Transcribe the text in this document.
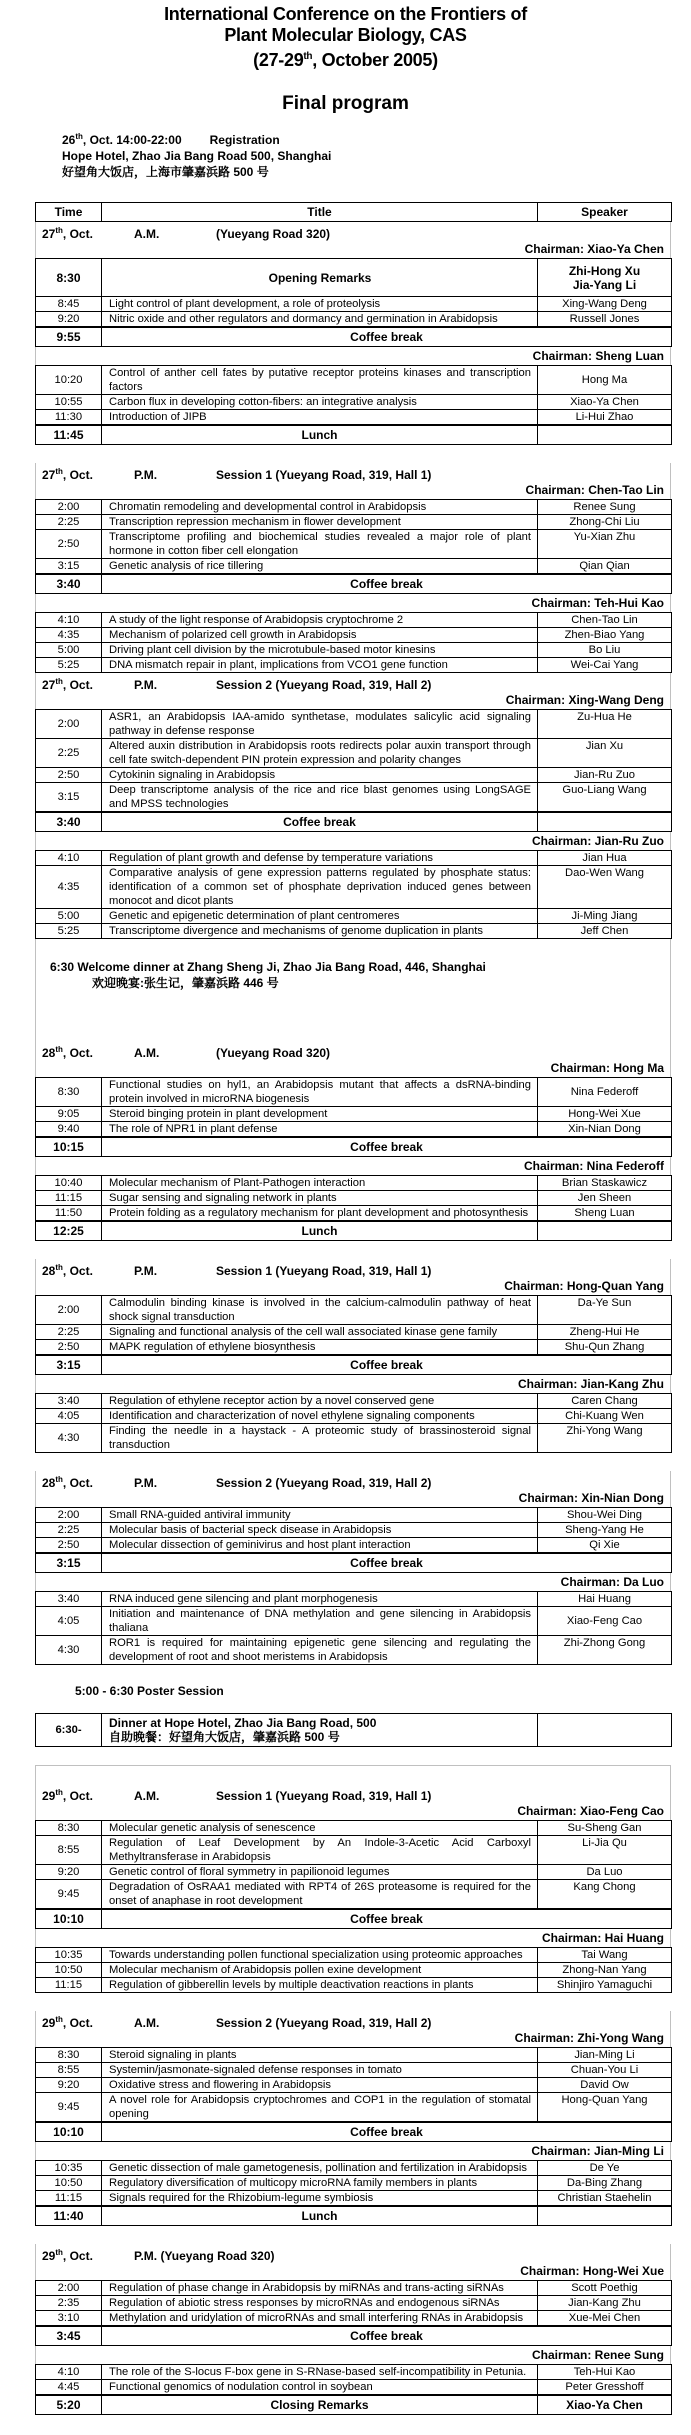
International Conference on the Frontiers of
Plant Molecular Biology, CAS
(27-29th, October 2005)
Final program
26th, Oct. 14:00-22:00 Registration
Hope Hotel, Zhao Jia Bang Road 500, Shanghai
好望角大饭店，上海市肇嘉浜路 500 号
Time	Title	Speaker
27th, Oct.	A.M.	(Yueyang Road 320)
Chairman: Xiao-Ya Chen
8:30	Opening Remarks	Zhi-Hong Xu
Jia-Yang Li

8:45	Light control of plant development, a role of proteolysis	Xing-Wang Deng

9:20	Nitric oxide and other regulators and dormancy and germination in Arabidopsis	Russell Jones
9:55	Coffee break
Chairman: Sheng Luan
10:20	Control of anther cell fates by putative receptor proteins kinases and transcription factors	Hong Ma

10:55	Carbon flux in developing cotton-fibers: an integrative analysis	Xiao-Ya Chen

11:30	Introduction of JIPB	Li-Hui Zhao
11:45	Lunch	
27th, Oct.	P.M.	Session 1 (Yueyang Road, 319, Hall 1)
Chairman: Chen-Tao Lin
2:00	Chromatin remodeling and developmental control in Arabidopsis	Renee Sung

2:25	Transcription repression mechanism in flower development	Zhong-Chi Liu

2:50	Transcriptome profiling and biochemical studies revealed a major role of plant hormone in cotton fiber cell elongation	Yu-Xian Zhu

3:15	Genetic analysis of rice tillering	Qian Qian
3:40	Coffee break
Chairman: Teh-Hui Kao
4:10	A study of the light response of Arabidopsis cryptochrome 2	Chen-Tao Lin

4:35	Mechanism of polarized cell growth in Arabidopsis	Zhen-Biao Yang

5:00	Driving plant cell division by the microtubule-based motor kinesins	Bo Liu

5:25	DNA mismatch repair in plant, implications from VCO1 gene function	Wei-Cai Yang
27th, Oct.	P.M.	Session 2 (Yueyang Road, 319, Hall 2)
Chairman: Xing-Wang Deng
2:00	ASR1, an Arabidopsis IAA-amido synthetase, modulates salicylic acid signaling pathway in defense response	Zu-Hua He

2:25	Altered auxin distribution in Arabidopsis roots redirects polar auxin transport through cell fate switch-dependent PIN protein expression and polarity changes	Jian Xu

2:50	Cytokinin signaling in Arabidopsis	Jian-Ru Zuo

3:15	Deep transcriptome analysis of the rice and rice blast genomes using LongSAGE and MPSS technologies	Guo-Liang Wang
3:40	Coffee break	
Chairman: Jian-Ru Zuo
4:10	Regulation of plant growth and defense by temperature variations	Jian Hua

4:35	Comparative analysis of gene expression patterns regulated by phosphate status: identification of a common set of phosphate deprivation induced genes between monocot and dicot plants	Dao-Wen Wang

5:00	Genetic and epigenetic determination of plant centromeres	Ji-Ming Jiang

5:25	Transcriptome divergence and mechanisms of genome duplication in plants	Jeff Chen
6:30 Welcome dinner at Zhang Sheng Ji, Zhao Jia Bang Road, 446, Shanghai
欢迎晚宴:张生记，肇嘉浜路 446 号
28th, Oct.	A.M.	(Yueyang Road 320)
Chairman: Hong Ma
8:30	Functional studies on hyl1, an Arabidopsis mutant that affects a dsRNA-binding protein involved in microRNA biogenesis	Nina Federoff

9:05	Steroid binging protein in plant development	Hong-Wei Xue

9:40	The role of NPR1 in plant defense	Xin-Nian Dong
10:15	Coffee break
Chairman: Nina Federoff
10:40	Molecular mechanism of Plant-Pathogen interaction	Brian Staskawicz

11:15	Sugar sensing and signaling network in plants	Jen Sheen

11:50	Protein folding as a regulatory mechanism for plant development and photosynthesis	Sheng Luan
12:25	Lunch	
28th, Oct.	P.M.	Session 1 (Yueyang Road, 319, Hall 1)
Chairman: Hong-Quan Yang
2:00	Calmodulin binding kinase is involved in the calcium-calmodulin pathway of heat shock signal transduction	Da-Ye Sun

2:25	Signaling and functional analysis of the cell wall associated kinase gene family	Zheng-Hui He

2:50	MAPK regulation of ethylene biosynthesis	Shu-Qun Zhang
3:15	Coffee break
Chairman: Jian-Kang Zhu
3:40	Regulation of ethylene receptor action by a novel conserved gene	Caren Chang

4:05	Identification and characterization of novel ethylene signaling components	Chi-Kuang Wen

4:30	Finding the needle in a haystack - A proteomic study of brassinosteroid signal transduction	Zhi-Yong Wang
28th, Oct.	P.M.	Session 2 (Yueyang Road, 319, Hall 2)
Chairman: Xin-Nian Dong
2:00	Small RNA-guided antiviral immunity	Shou-Wei Ding

2:25	Molecular basis of bacterial speck disease in Arabidopsis	Sheng-Yang He

2:50	Molecular dissection of geminivirus and host plant interaction	Qi Xie
3:15	Coffee break
Chairman: Da Luo
3:40	RNA induced gene silencing and plant morphogenesis	Hai Huang

4:05	Initiation and maintenance of DNA methylation and gene silencing in Arabidopsis thaliana	Xiao-Feng Cao

4:30	ROR1 is required for maintaining epigenetic gene silencing and regulating the development of root and shoot meristems in Arabidopsis	Zhi-Zhong Gong
5:00 - 6:30 Poster Session
6:30-	Dinner at Hope Hotel, Zhao Jia Bang Road, 500
自助晚餐：好望角大饭店，肇嘉浜路 500 号

29th, Oct.	A.M.	Session 1 (Yueyang Road, 319, Hall 1)
Chairman: Xiao-Feng Cao
8:30	Molecular genetic analysis of senescence	Su-Sheng Gan

8:55	Regulation of Leaf Development by An Indole-3-Acetic Acid Carboxyl Methyltransferase in Arabidopsis	Li-Jia Qu

9:20	Genetic control of floral symmetry in papilionoid legumes	Da Luo

9:45	Degradation of OsRAA1 mediated with RPT4 of 26S proteasome is required for the onset of anaphase in root development	Kang Chong
10:10	Coffee break
Chairman: Hai Huang
10:35	Towards understanding pollen functional specialization using proteomic approaches	Tai Wang

10:50	Molecular mechanism of Arabidopsis pollen exine development	Zhong-Nan Yang

11:15	Regulation of gibberellin levels by multiple deactivation reactions in plants	Shinjiro Yamaguchi
29th, Oct.	A.M.	Session 2 (Yueyang Road, 319, Hall 2)
Chairman: Zhi-Yong Wang
8:30	Steroid signaling in plants	Jian-Ming Li

8:55	Systemin/jasmonate-signaled defense responses in tomato	Chuan-You Li

9:20	Oxidative stress and flowering in Arabidopsis	David Ow

9:45	A novel role for Arabidopsis cryptochromes and COP1 in the regulation of stomatal opening	Hong-Quan Yang
10:10	Coffee break
Chairman: Jian-Ming Li
10:35	Genetic dissection of male gametogenesis, pollination and fertilization in Arabidopsis	De Ye

10:50	Regulatory diversification of multicopy microRNA family members in plants	Da-Bing Zhang

11:15	Signals required for the Rhizobium-legume symbiosis	Christian Staehelin
11:40	Lunch	
29th, Oct.	P.M. (Yueyang Road 320)
Chairman: Hong-Wei Xue
2:00	Regulation of phase change in Arabidopsis by miRNAs and trans-acting siRNAs	Scott Poethig

2:35	Regulation of abiotic stress responses by microRNAs and endogenous siRNAs	Jian-Kang Zhu

3:10	Methylation and uridylation of microRNAs and small interfering RNAs in Arabidopsis	Xue-Mei Chen
3:45	Coffee break
Chairman: Renee Sung
4:10	The role of the S-locus F-box gene in S-RNase-based self-incompatibility in Petunia.	Teh-Hui Kao

4:45	Functional genomics of nodulation control in soybean	Peter Gresshoff
5:20	Closing Remarks	Xiao-Ya Chen
